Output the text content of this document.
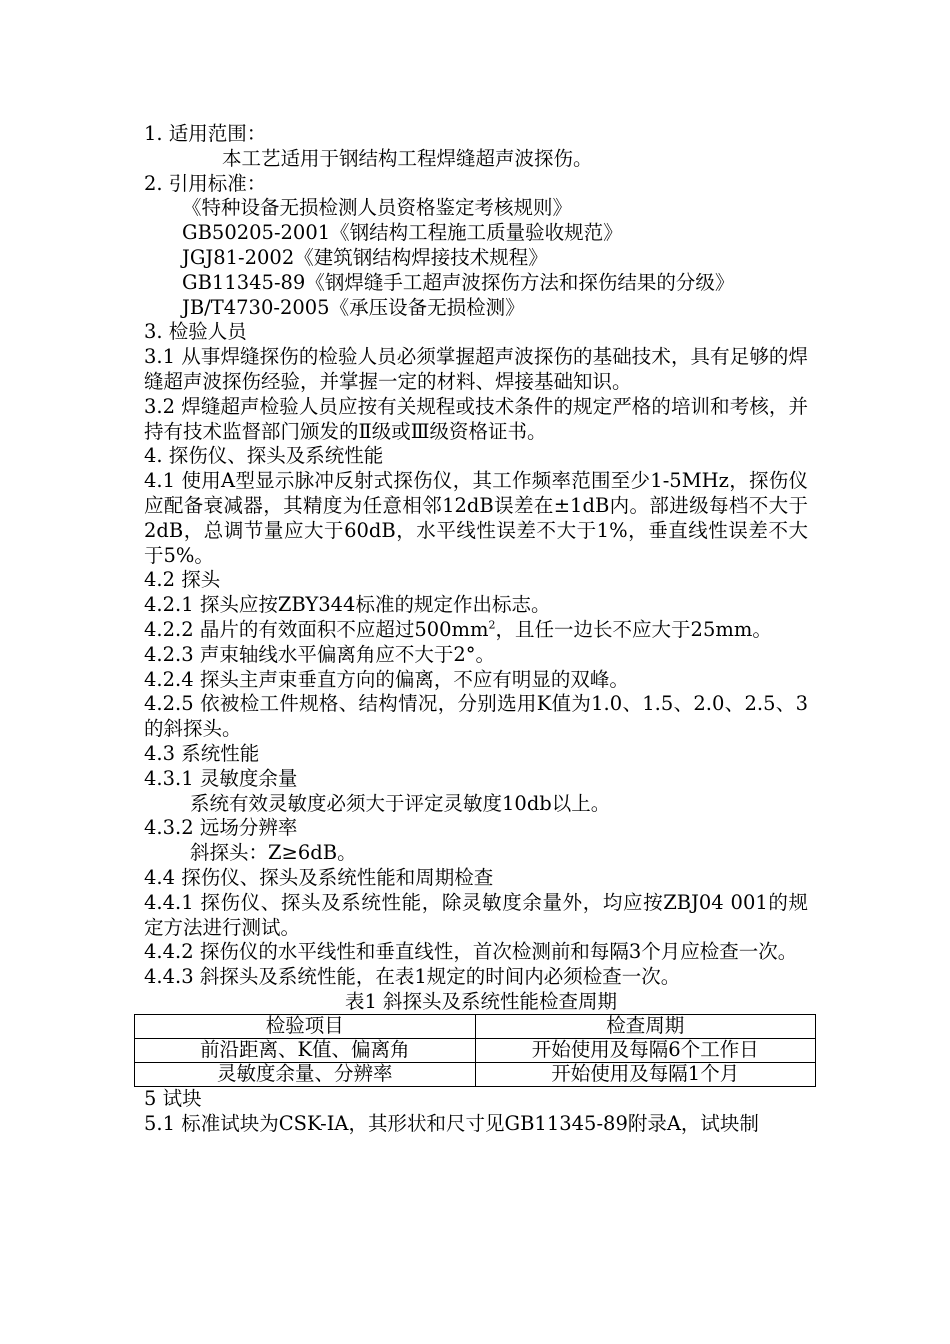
1. 适用范围：

本工艺适用于钢结构工程焊缝超声波探伤。

2. 引用标准：

《特种设备无损检测人员资格鉴定考核规则》

GB50205-2001《钢结构工程施工质量验收规范》

JGJ81-2002《建筑钢结构焊接技术规程》

GB11345-89《钢焊缝手工超声波探伤方法和探伤结果的分级》

JB/T4730-2005《承压设备无损检测》

3. 检验人员

3.1 从事焊缝探伤的检验人员必须掌握超声波探伤的基础技术，具有足够的焊缝超声波探伤经验，并掌握一定的材料、焊接基础知识。

3.2 焊缝超声检验人员应按有关规程或技术条件的规定严格的培训和考核，并持有技术监督部门颁发的Ⅱ级或Ⅲ级资格证书。

4. 探伤仪、探头及系统性能

4.1 使用A型显示脉冲反射式探伤仪，其工作频率范围至少1-5MHz，探伤仪应配备衰减器，其精度为任意相邻12dB误差在±1dB内。部进级每档不大于2dB，总调节量应大于60dB，水平线性误差不大于1%，垂直线性误差不大于5%。

4.2 探头

4.2.1 探头应按ZBY344标准的规定作出标志。

4.2.2 晶片的有效面积不应超过$500mm^2$，且任一边长不应大于25mm。

4.2.3 声束轴线水平偏离角应不大于2°。

4.2.4 探头主声束垂直方向的偏离，不应有明显的双峰。

4.2.5 依被检工件规格、结构情况，分别选用K值为1.0、1.5、2.0、2.5、3的斜探头。

4.3 系统性能

4.3.1 灵敏度余量

系统有效灵敏度必须大于评定灵敏度10db以上。

4.3.2 远场分辨率

斜探头：Z≥6dB。

4.4 探伤仪、探头及系统性能和周期检查

4.4.1 探伤仪、探头及系统性能，除灵敏度余量外，均应按ZBJ04 001的规定方法进行测试。

4.4.2 探伤仪的水平线性和垂直线性，首次检测前和每隔3个月应检查一次。

4.4.3 斜探头及系统性能，在表1规定的时间内必须检查一次。

表1 斜探头及系统性能检查周期

检验项目	检查周期
前沿距离、K值、偏离角	开始使用及每隔6个工作日
灵敏度余量、分辨率	开始使用及每隔1个月

5 试块

5.1 标准试块为CSK-IA，其形状和尺寸见GB11345-89附录A，试块制
